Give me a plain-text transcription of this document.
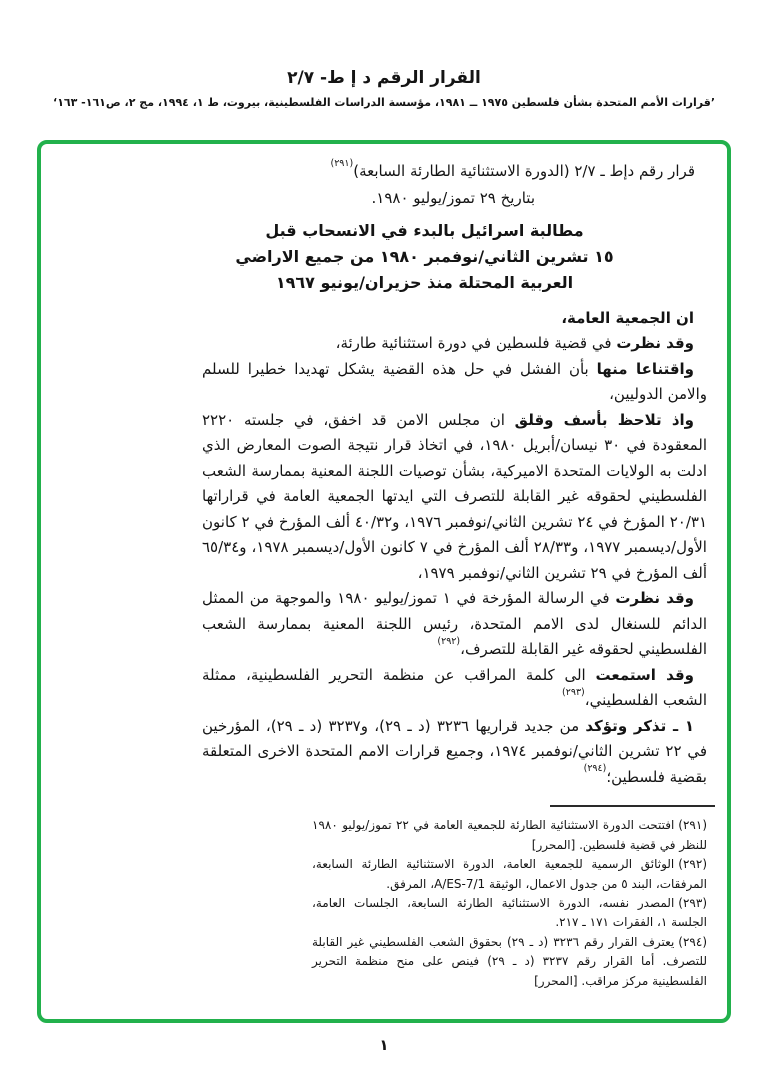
القرار الرقم د إ ط- ٢/٧
’قرارات الأمم المتحدة بشأن فلسطين ١٩٧٥ ــ ١٩٨١، مؤسسة الدراسات الفلسطينية، بيروت، ط ١، ١٩٩٤، مج ٢، ص١٦١- ١٦٣‘
قرار رقم دإط ـ ٢/٧ (الدورة الاستثنائية الطارئة السابعة)$^{(٢٩١)}$
بتاريخ ٢٩ تموز/يوليو ١٩٨٠.
مطالبة اسرائيل بالبدء في الانسحاب قبل
١٥ تشرين الثاني/نوفمبر ١٩٨٠ من جميع الاراضي
العربية المحتلة منذ حزيران/يونيو ١٩٦٧

ان الجمعية العامة،

وقد نظرت في قضية فلسطين في دورة استثنائية طارئة،

واقتناعا منها بأن الفشل في حل هذه القضية يشكل تهديدا خطيرا للسلم والامن الدوليين،

واذ تلاحظ بأسف وقلق ان مجلس الامن قد اخفق، في جلسته ٢٢٢٠ المعقودة في ٣٠ نيسان/أبريل ١٩٨٠، في اتخاذ قرار نتيجة الصوت المعارض الذي ادلت به الولايات المتحدة الاميركية، بشأن توصيات اللجنة المعنية بممارسة الشعب الفلسطيني لحقوقه غير القابلة للتصرف التي ايدتها الجمعية العامة في قراراتها ٢٠/٣١ المؤرخ في ٢٤ تشرين الثاني/نوفمبر ١٩٧٦، و٤٠/٣٢ ألف المؤرخ في ٢ كانون الأول/ديسمبر ١٩٧٧، و٢٨/٣٣ ألف المؤرخ في ٧ كانون الأول/ديسمبر ١٩٧٨، و٦٥/٣٤ ألف المؤرخ في ٢٩ تشرين الثاني/نوفمبر ١٩٧٩،

وقد نظرت في الرسالة المؤرخة في ١ تموز/يوليو ١٩٨٠ والموجهة من الممثل الدائم للسنغال لدى الامم المتحدة، رئيس اللجنة المعنية بممارسة الشعب الفلسطيني لحقوقه غير القابلة للتصرف،$^{(٢٩٢)}$

وقد استمعت الى كلمة المراقب عن منظمة التحرير الفلسطينية، ممثلة الشعب الفلسطيني،$^{(٢٩٣)}$

١ ـ تذكر وتؤكد من جديد قراريها ٣٢٣٦ (د ـ ٢٩)، و٣٢٣٧ (د ـ ٢٩)، المؤرخين في ٢٢ تشرين الثاني/نوفمبر ١٩٧٤، وجميع قرارات الامم المتحدة الاخرى المتعلقة بقضية فلسطين؛$^{(٢٩٤)}$

(٢٩١)افتتحت الدورة الاستثنائية الطارئة للجمعية العامة في ٢٢ تموز/يوليو ١٩٨٠ للنظر في قضية فلسطين. [المحرر]
(٢٩٢)الوثائق الرسمية للجمعية العامة، الدورة الاستثنائية الطارئة السابعة، المرفقات، البند ٥ من جدول الاعمال، الوثيقة A/ES-7/1، المرفق.
(٢٩٣)المصدر نفسه، الدورة الاستثنائية الطارئة السابعة، الجلسات العامة، الجلسة ١، الفقرات ١٧١ ـ ٢١٧.
(٢٩٤)يعترف القرار رقم ٣٢٣٦ (د ـ ٢٩) بحقوق الشعب الفلسطيني غير القابلة للتصرف. أما القرار رقم ٣٢٣٧ (د ـ ٢٩) فينص على منح منظمة التحرير الفلسطينية مركز مراقب. [المحرر]
١
